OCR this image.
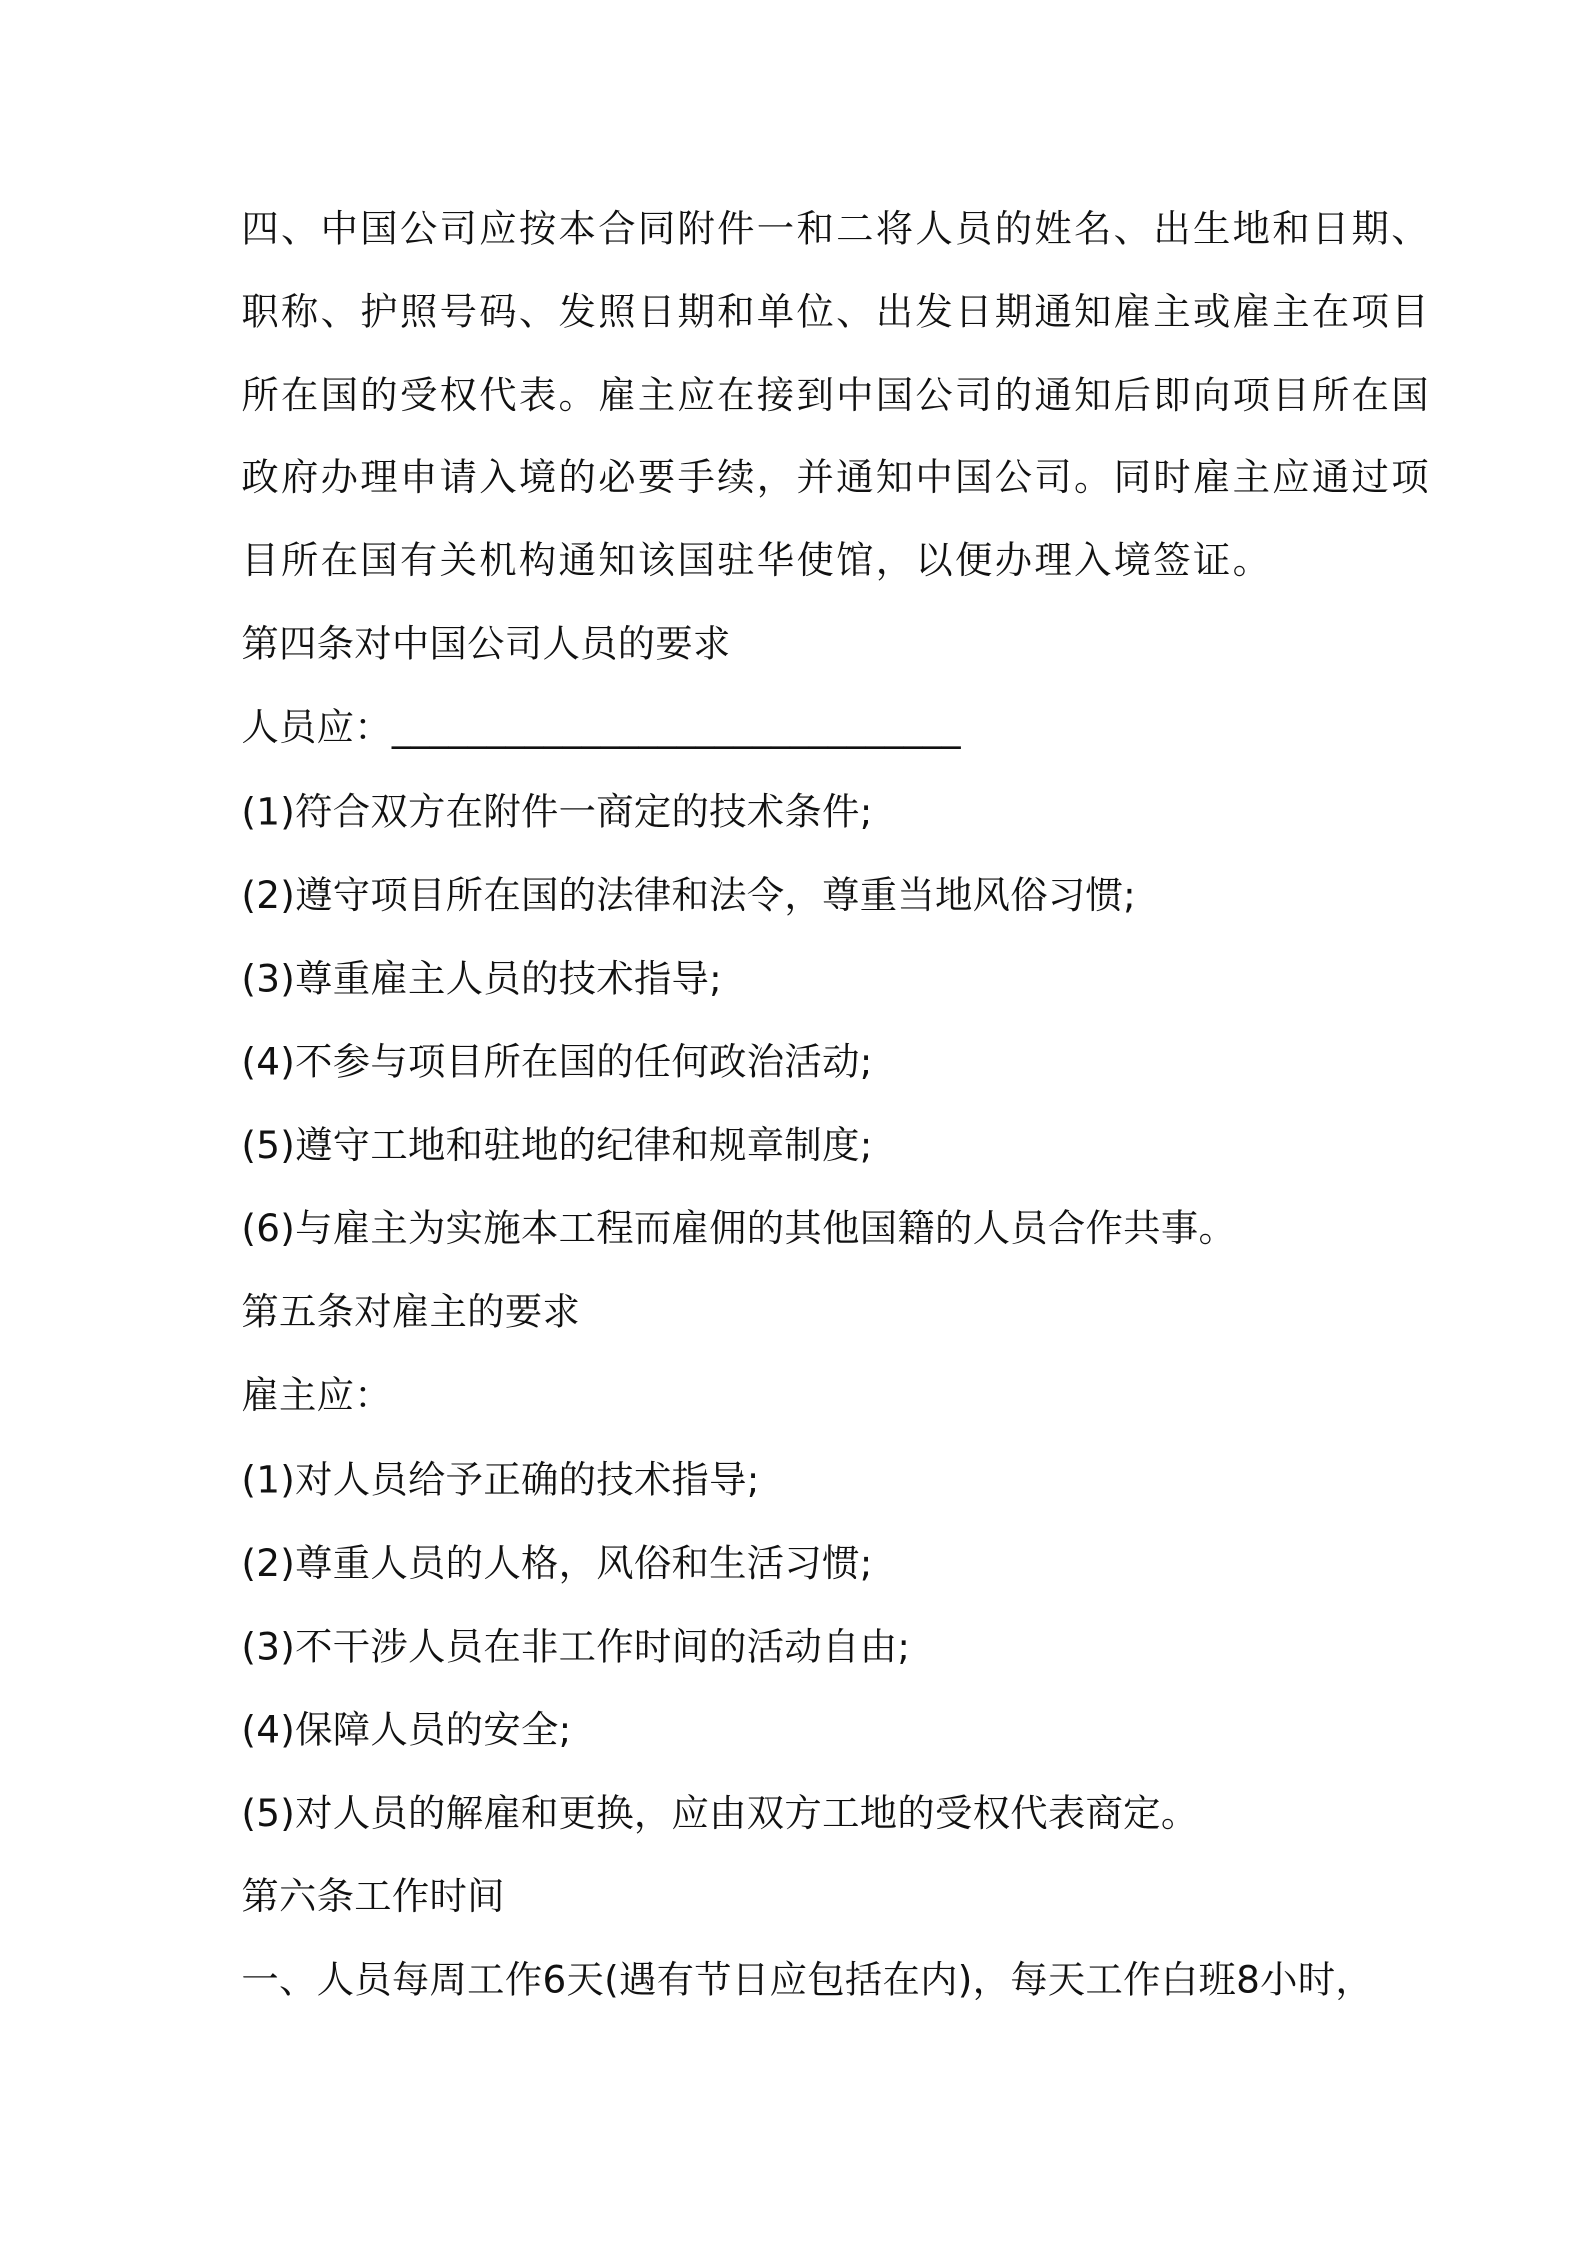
四、中国公司应按本合同附件一和二将人员的姓名、出生地和日期、
职称、护照号码、发照日期和单位、出发日期通知雇主或雇主在项目
所在国的受权代表。雇主应在接到中国公司的通知后即向项目所在国
政府办理申请入境的必要手续，并通知中国公司。同时雇主应通过项
目所在国有关机构通知该国驻华使馆，以便办理入境签证。
第四条对中国公司人员的要求
人员应：______________________________
(1)符合双方在附件一商定的技术条件;
(2)遵守项目所在国的法律和法令，尊重当地风俗习惯;
(3)尊重雇主人员的技术指导;
(4)不参与项目所在国的任何政治活动;
(5)遵守工地和驻地的纪律和规章制度;
(6)与雇主为实施本工程而雇佣的其他国籍的人员合作共事。
第五条对雇主的要求
雇主应：
(1)对人员给予正确的技术指导;
(2)尊重人员的人格，风俗和生活习惯;
(3)不干涉人员在非工作时间的活动自由;
(4)保障人员的安全;
(5)对人员的解雇和更换，应由双方工地的受权代表商定。
第六条工作时间
一、人员每周工作6天(遇有节日应包括在内)，每天工作白班8小时，
